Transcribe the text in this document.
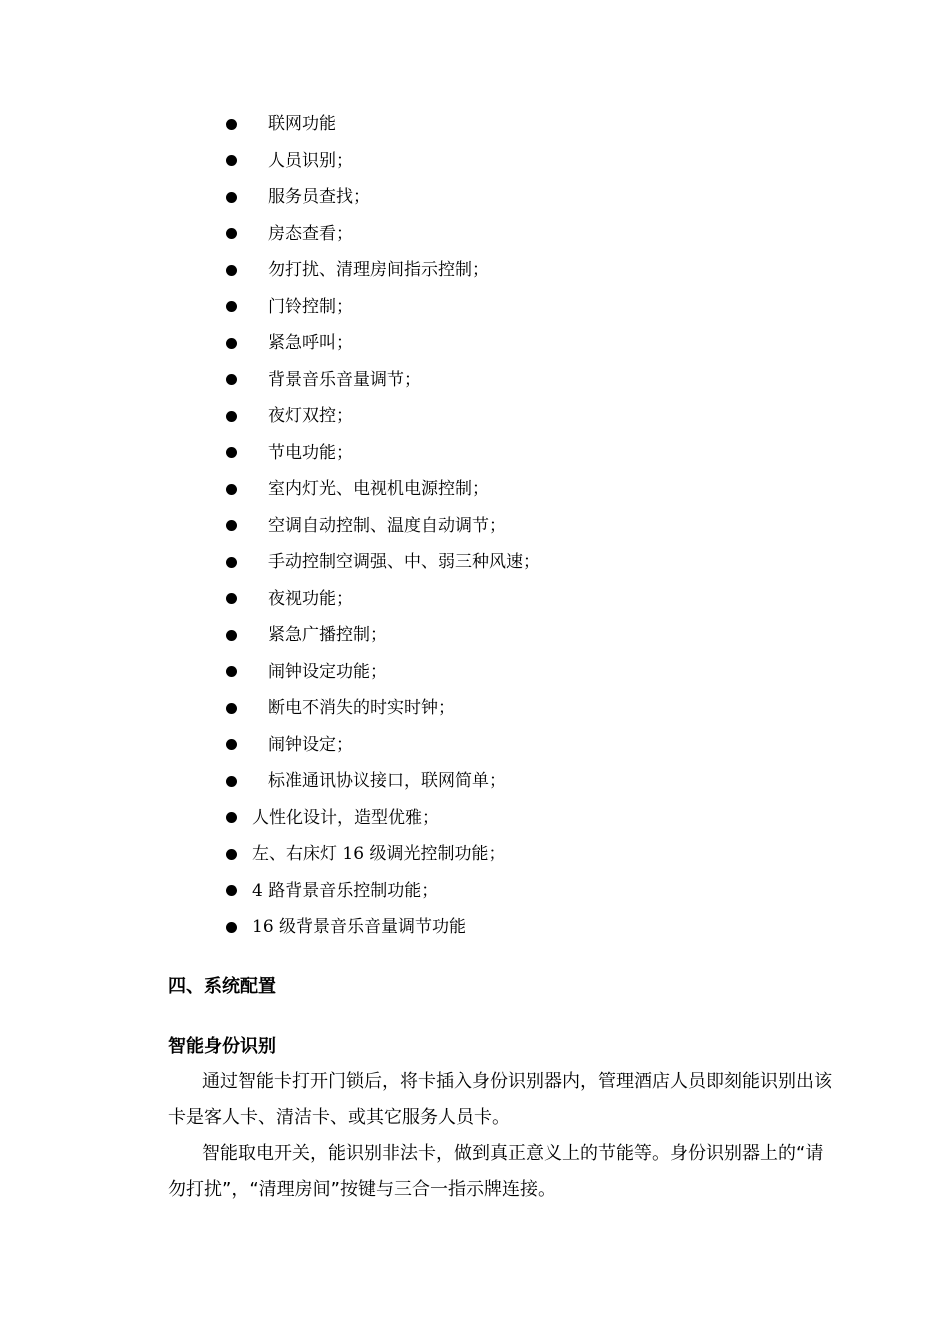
联网功能
人员识别；
服务员查找；
房态查看；
勿打扰、清理房间指示控制；
门铃控制；
紧急呼叫；
背景音乐音量调节；
夜灯双控；
节电功能；
室内灯光、电视机电源控制；
空调自动控制、温度自动调节；
手动控制空调强、中、弱三种风速；
夜视功能；
紧急广播控制；
闹钟设定功能；
断电不消失的时实时钟；
闹钟设定；
标准通讯协议接口，联网简单；
人性化设计，造型优雅；
左、右床灯 16 级调光控制功能；
4 路背景音乐控制功能；
16 级背景音乐音量调节功能
四、系统配置
智能身份识别

通过智能卡打开门锁后，将卡插入身份识别器内，管理酒店人员即刻能识别出该卡是客人卡、清洁卡、或其它服务人员卡。

智能取电开关，能识别非法卡，做到真正意义上的节能等。身份识别器上的“请勿打扰”，“清理房间”按键与三合一指示牌连接。
